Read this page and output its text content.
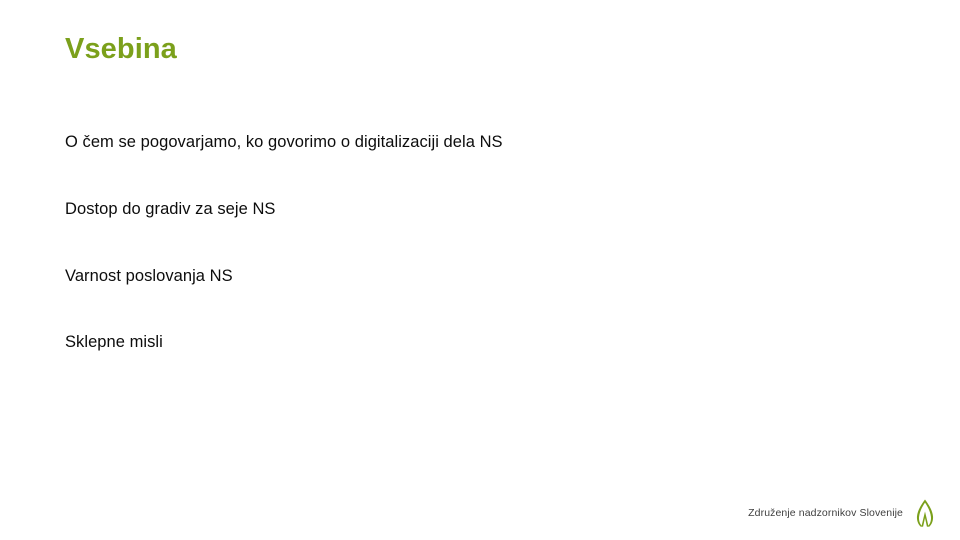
Vsebina
O čem se pogovarjamo, ko govorimo o digitalizaciji dela NS
Dostop do gradiv za seje NS
Varnost poslovanja NS
Sklepne misli
Združenje nadzornikov Slovenije
